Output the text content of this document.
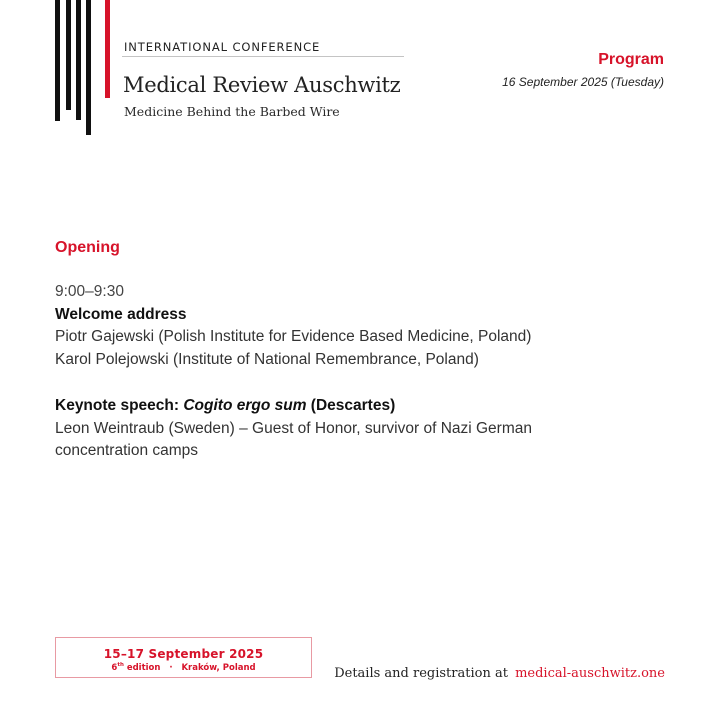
INTERNATIONAL CONFERENCE
Medical Review Auschwitz
Medicine Behind the Barbed Wire
Program
16 September 2025 (Tuesday)
Opening
9:00–9:30
Welcome address
Piotr Gajewski (Polish Institute for Evidence Based Medicine, Poland)
Karol Polejowski (Institute of National Remembrance, Poland)
Keynote speech: Cogito ergo sum (Descartes)
Leon Weintraub (Sweden) – Guest of Honor, survivor of Nazi German
concentration camps
15–17 September 2025
6th edition · Kraków, Poland	Details and registration at medical-auschwitz.one
